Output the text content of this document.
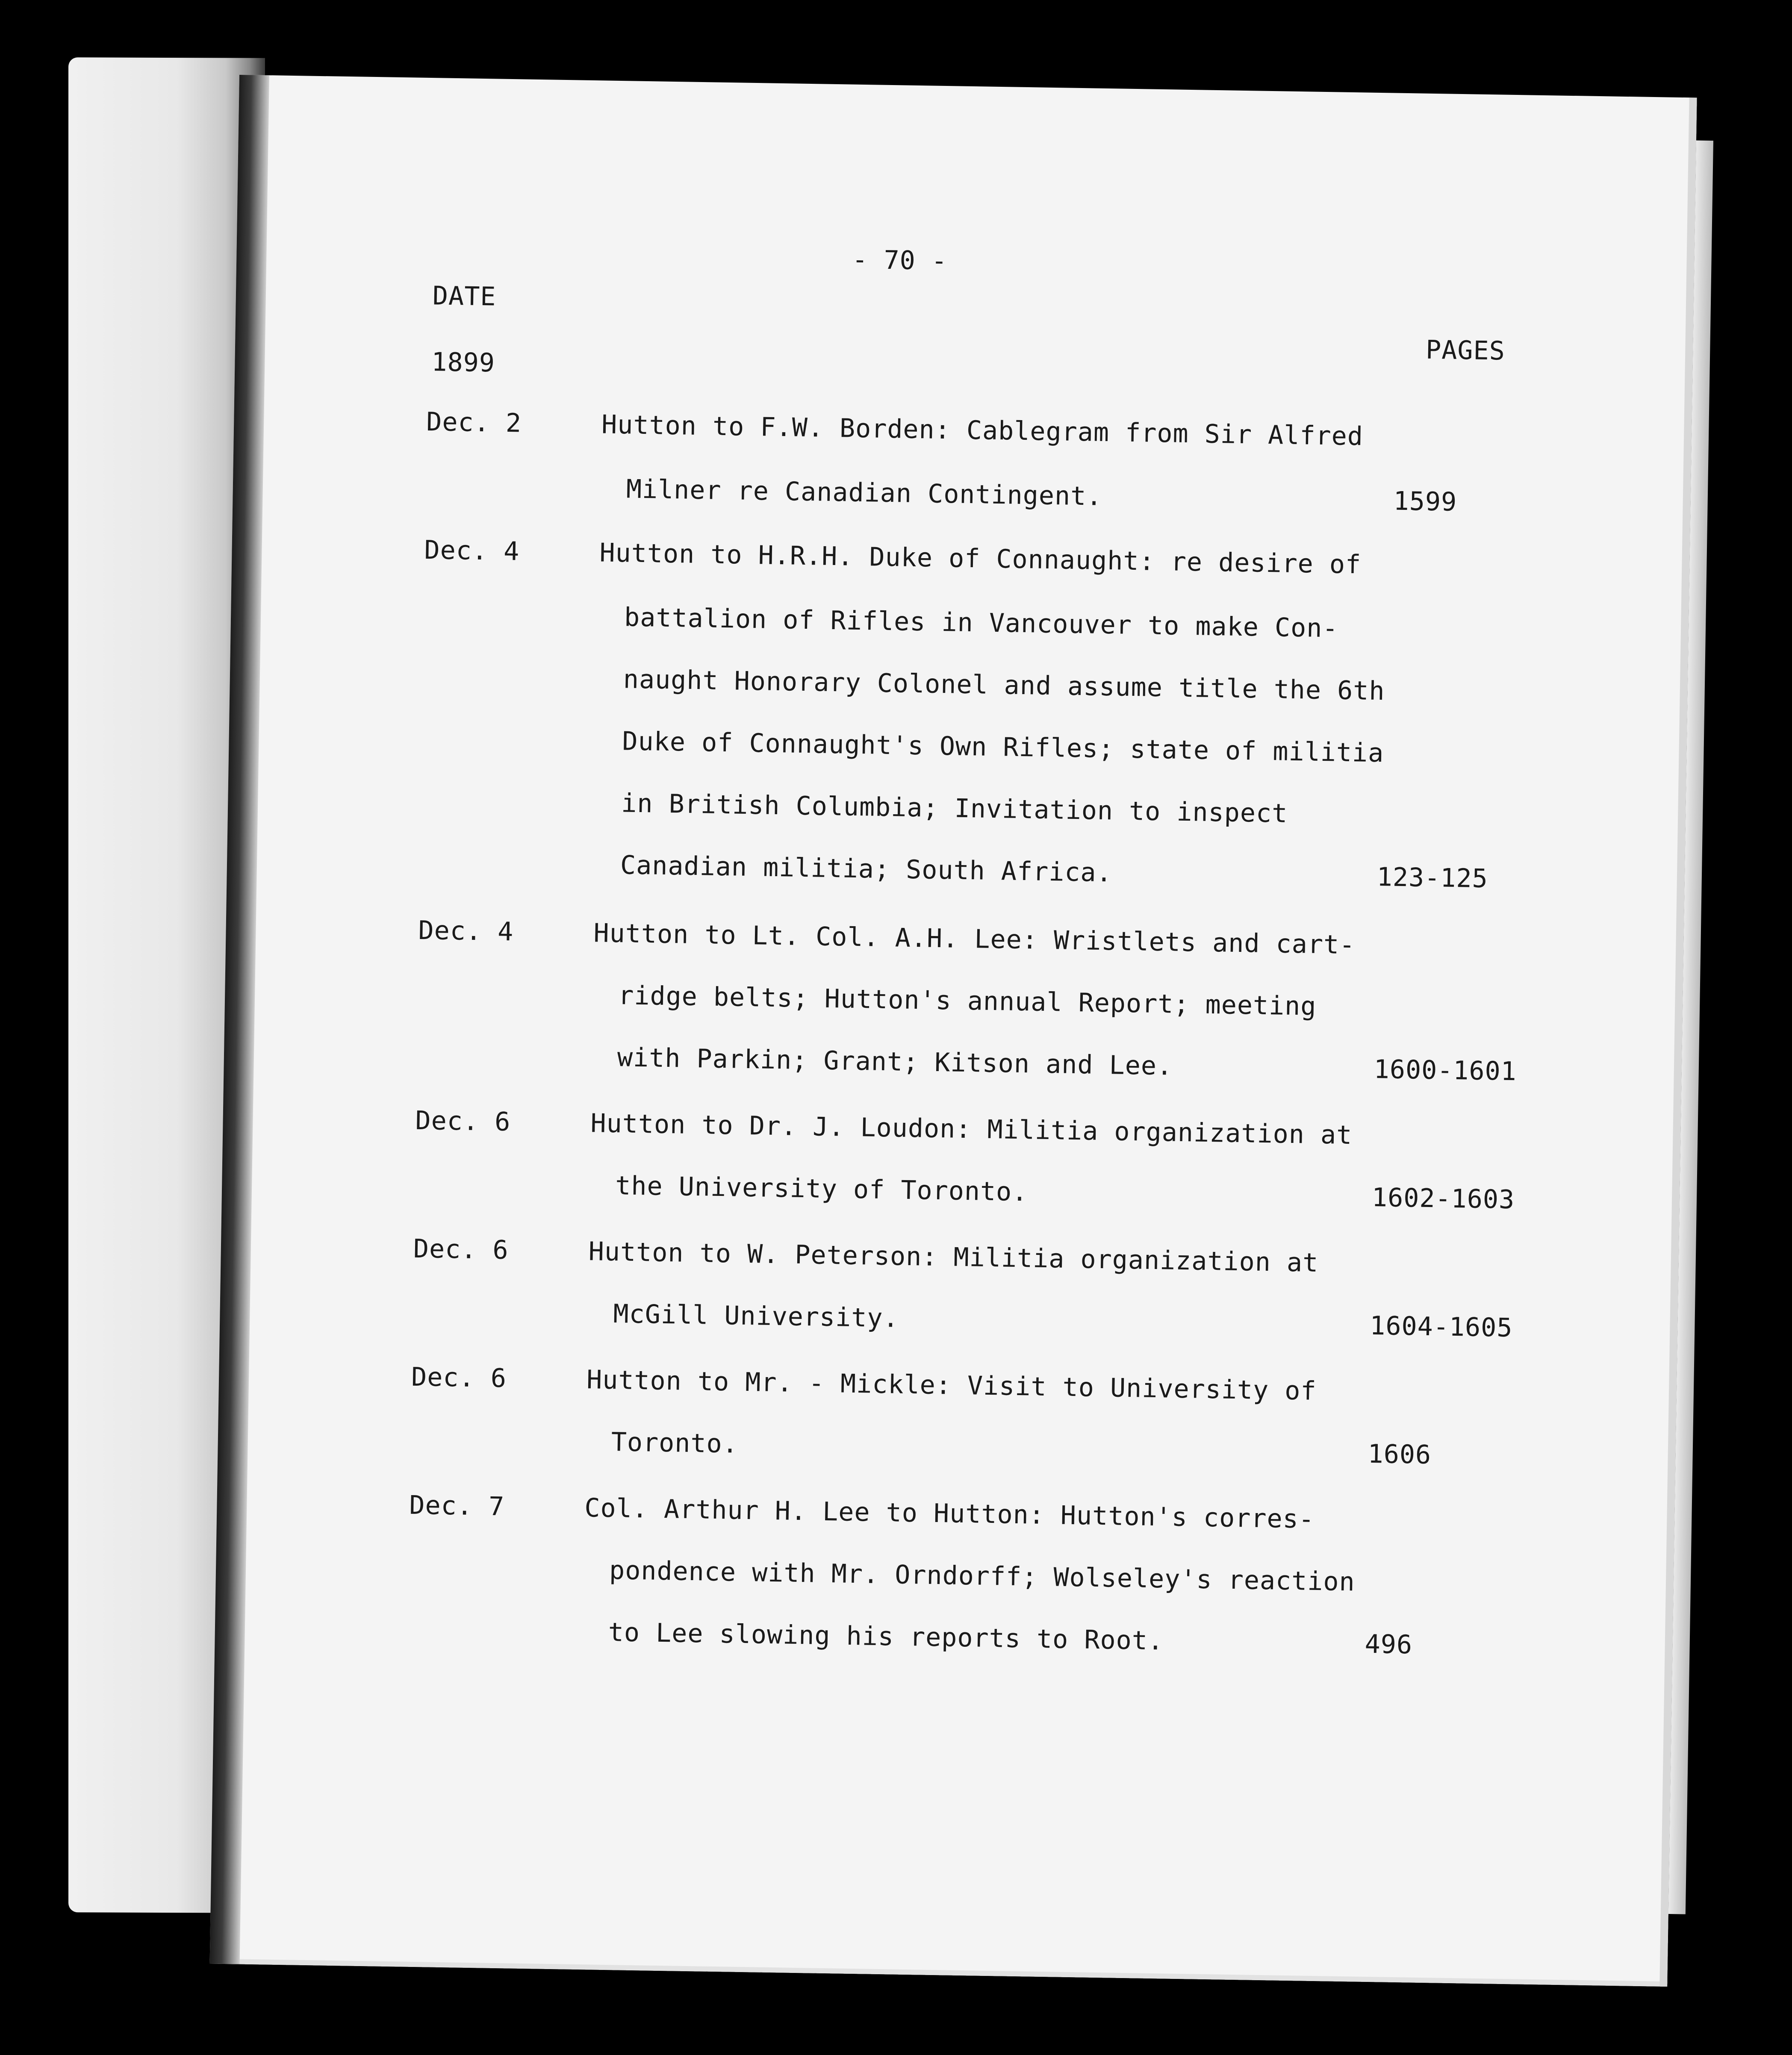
- 70 -
DATE
PAGES
1899
Dec. 2	Hutton to F.W. Borden: Cablegram from Sir Alfred
Milner re Canadian Contingent.	1599
Dec. 4	Hutton to H.R.H. Duke of Connaught: re desire of
battalion of Rifles in Vancouver to make Con-
naught Honorary Colonel and assume title the 6th
Duke of Connaught's Own Rifles; state of militia
in British Columbia; Invitation to inspect
Canadian militia; South Africa.	123-125
Dec. 4	Hutton to Lt. Col. A.H. Lee: Wristlets and cart-
ridge belts; Hutton's annual Report; meeting
with Parkin; Grant; Kitson and Lee.	1600-1601
Dec. 6	Hutton to Dr. J. Loudon: Militia organization at
the University of Toronto.	1602-1603
Dec. 6	Hutton to W. Peterson: Militia organization at
McGill University.	1604-1605
Dec. 6	Hutton to Mr. - Mickle: Visit to University of
Toronto.	1606
Dec. 7	Col. Arthur H. Lee to Hutton: Hutton's corres-
pondence with Mr. Orndorff; Wolseley's reaction
to Lee slowing his reports to Root.	496
